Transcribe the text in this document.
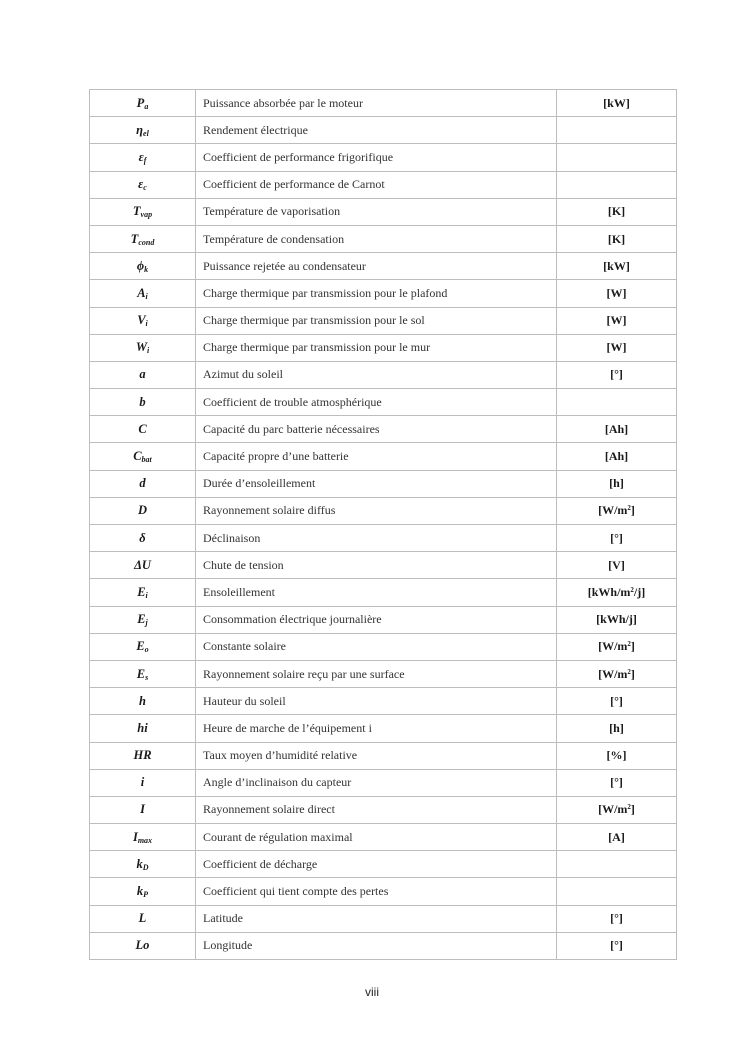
$P_a$	Puissance absorbée par le moteur	[kW]
$\eta_{el}$	Rendement électrique	
$\varepsilon_f$	Coefficient de performance frigorifique	
$\varepsilon_c$	Coefficient de performance de Carnot	
$T_{vap}$	Température de vaporisation	[K]
$T_{cond}$	Température de condensation	[K]
$\phi_k$	Puissance rejetée au condensateur	[kW]
$A_i$	Charge thermique par transmission pour le plafond	[W]
$V_i$	Charge thermique par transmission pour le sol	[W]
$W_i$	Charge thermique par transmission pour le mur	[W]
a	Azimut du soleil	[°]
b	Coefficient de trouble atmosphérique	
C	Capacité du parc batterie nécessaires	[Ah]
$C_{bat}$	Capacité propre d’une batterie	[Ah]
d	Durée d’ensoleillement	[h]
D	Rayonnement solaire diffus	$[W/m^2]$
δ	Déclinaison	[°]
ΔU	Chute de tension	[V]
$E_i$	Ensoleillement	$[kWh/m^2/j]$
$E_j$	Consommation électrique journalière	[kWh/j]
$E_o$	Constante solaire	$[W/m^2]$
$E_s$	Rayonnement solaire reçu par une surface	$[W/m^2]$
h	Hauteur du soleil	[°]
hi	Heure de marche de l’équipement i	[h]
HR	Taux moyen d’humidité relative	[%]
i	Angle d’inclinaison du capteur	[°]
I	Rayonnement solaire direct	$[W/m^2]$
$I_{max}$	Courant de régulation maximal	[A]
$k_D$	Coefficient de décharge	
$k_P$	Coefficient qui tient compte des pertes	
L	Latitude	[°]
Lo	Longitude	[°]
viii
